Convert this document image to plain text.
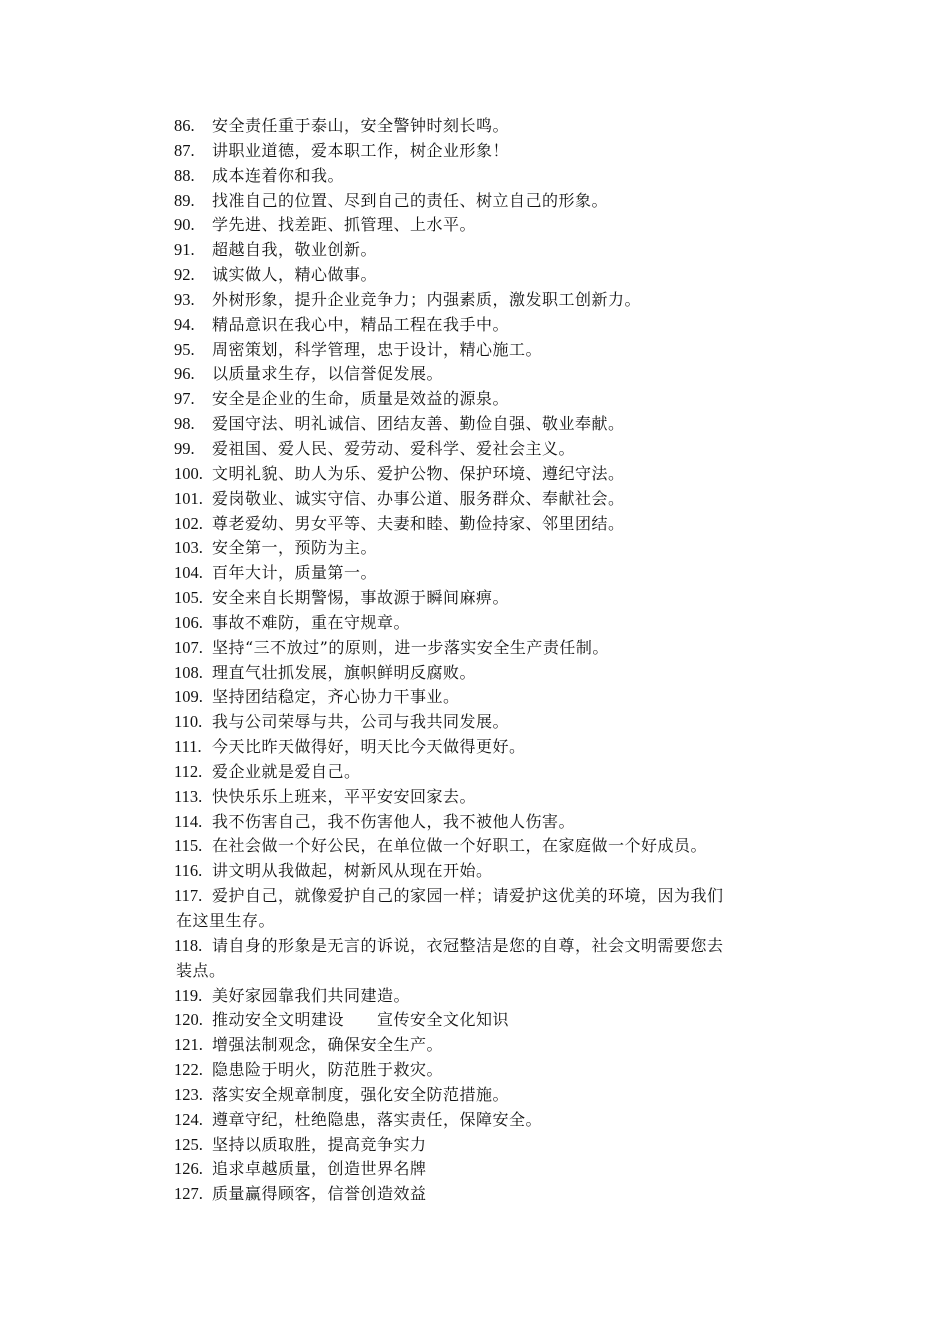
86.	安全责任重于泰山，安全警钟时刻长鸣。
87.	讲职业道德，爱本职工作，树企业形象！
88.	成本连着你和我。
89.	找准自己的位置、尽到自己的责任、树立自己的形象。
90.	学先进、找差距、抓管理、上水平。
91.	超越自我，敬业创新。
92.	诚实做人，精心做事。
93.	外树形象，提升企业竞争力；内强素质，激发职工创新力。
94.	精品意识在我心中，精品工程在我手中。
95.	周密策划，科学管理，忠于设计，精心施工。
96.	以质量求生存，以信誉促发展。
97.	安全是企业的生命，质量是效益的源泉。
98.	爱国守法、明礼诚信、团结友善、勤俭自强、敬业奉献。
99.	爱祖国、爱人民、爱劳动、爱科学、爱社会主义。
100. 文明礼貌、助人为乐、爱护公物、保护环境、遵纪守法。
101. 爱岗敬业、诚实守信、办事公道、服务群众、奉献社会。
102. 尊老爱幼、男女平等、夫妻和睦、勤俭持家、邻里团结。
103. 安全第一，预防为主。
104. 百年大计，质量第一。
105. 安全来自长期警惕，事故源于瞬间麻痹。
106. 事故不难防，重在守规章。
107. 坚持“三不放过”的原则，进一步落实安全生产责任制。
108. 理直气壮抓发展，旗帜鲜明反腐败。
109. 坚持团结稳定，齐心协力干事业。
110. 我与公司荣辱与共，公司与我共同发展。
111. 今天比昨天做得好，明天比今天做得更好。
112. 爱企业就是爱自己。
113. 快快乐乐上班来，平平安安回家去。
114. 我不伤害自己，我不伤害他人，我不被他人伤害。
115. 在社会做一个好公民，在单位做一个好职工，在家庭做一个好成员。
116. 讲文明从我做起，树新风从现在开始。
117. 爱护自己，就像爱护自己的家园一样；请爱护这优美的环境，因为我们
在这里生存。
118. 请自身的形象是无言的诉说，衣冠整洁是您的自尊，社会文明需要您去
装点。
119. 美好家园靠我们共同建造。
120. 推动安全文明建设　　宣传安全文化知识
121. 增强法制观念，确保安全生产。
122. 隐患险于明火，防范胜于救灾。
123. 落实安全规章制度，强化安全防范措施。
124. 遵章守纪，杜绝隐患，落实责任，保障安全。
125. 坚持以质取胜，提高竞争实力
126. 追求卓越质量，创造世界名牌
127. 质量赢得顾客，信誉创造效益
